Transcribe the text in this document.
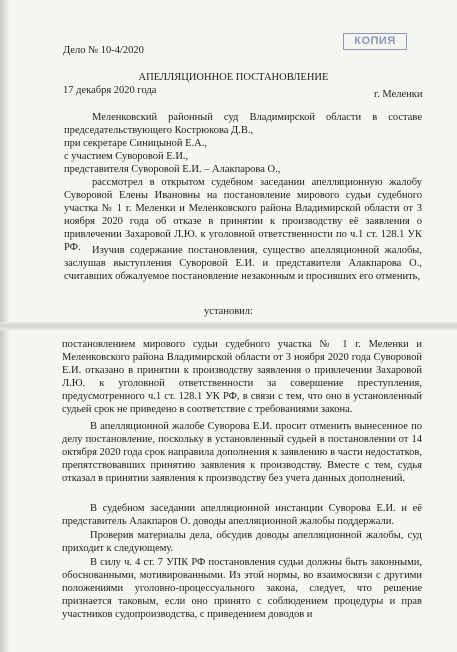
КОПИЯ
Дело № 10-4/2020
АПЕЛЛЯЦИОННОЕ ПОСТАНОВЛЕНИЕ
17 декабря 2020 года	г. Меленки
Меленковский районный суд Владимирской области в составе председательствующего Кострюкова Д.В.,
при секретаре Синицыной Е.А.,
с участием Суворовой Е.И.,
представителя Суворовой Е.И. – Алакпарова О.,
рассмотрел в открытом судебном заседании апелляционную жалобу Суворовой Елены Ивановны на постановление мирового судьи судебного участка № 1 г. Меленки и Меленковского района Владимирской области от 3 ноября 2020 года об отказе в принятии к производству её заявления о привлечении Захаровой Л.Ю. к уголовной ответственности по ч.1 ст. 128.1 УК РФ.	Изучив содержание постановления, существо апелляционной жалобы, заслушав выступления Суворовой Е.И. и представителя Алакпарова О., считавших обжалуемое постановление незаконным и просивших его отменить,
установил:
постановлением мирового судьи судебного участка № 1 г. Меленки и Меленковского района Владимирской области от 3 ноября 2020 года Суворовой Е.И. отказано в принятии к производству заявления о привлечении Захаровой Л.Ю. к уголовной ответственности за совершение преступления, предусмотренного ч.1 ст. 128.1 УК РФ, в связи с тем, что оно в установленный судьей срок не приведено в соответствие с требованиями закона.
В апелляционной жалобе Суворова Е.И. просит отменить вынесенное по делу постановление, поскольку в установленный судьей в постановлении от 14 октября 2020 года срок направила дополнения к заявлению в части недостатков, препятствовавших принятию заявления к производству. Вместе с тем, судья отказал в принятии заявления к производству без учета данных дополнений.
В судебном заседании апелляционной инстанции Суворова Е.И. и её представитель Алакпаров О. доводы апелляционной жалобы поддержали.
Проверив материалы дела, обсудив доводы апелляционной жалобы, суд приходит к следующему.
В силу ч. 4 ст. 7 УПК РФ постановления судьи должны быть законными, обоснованными, мотивированными. Из этой нормы, во взаимосвязи с другими положениями уголовно-процессуального закона, следует, что решение признается таковым, если оно принято с соблюдением процедуры и прав участников судопроизводства, с приведением доводов и
